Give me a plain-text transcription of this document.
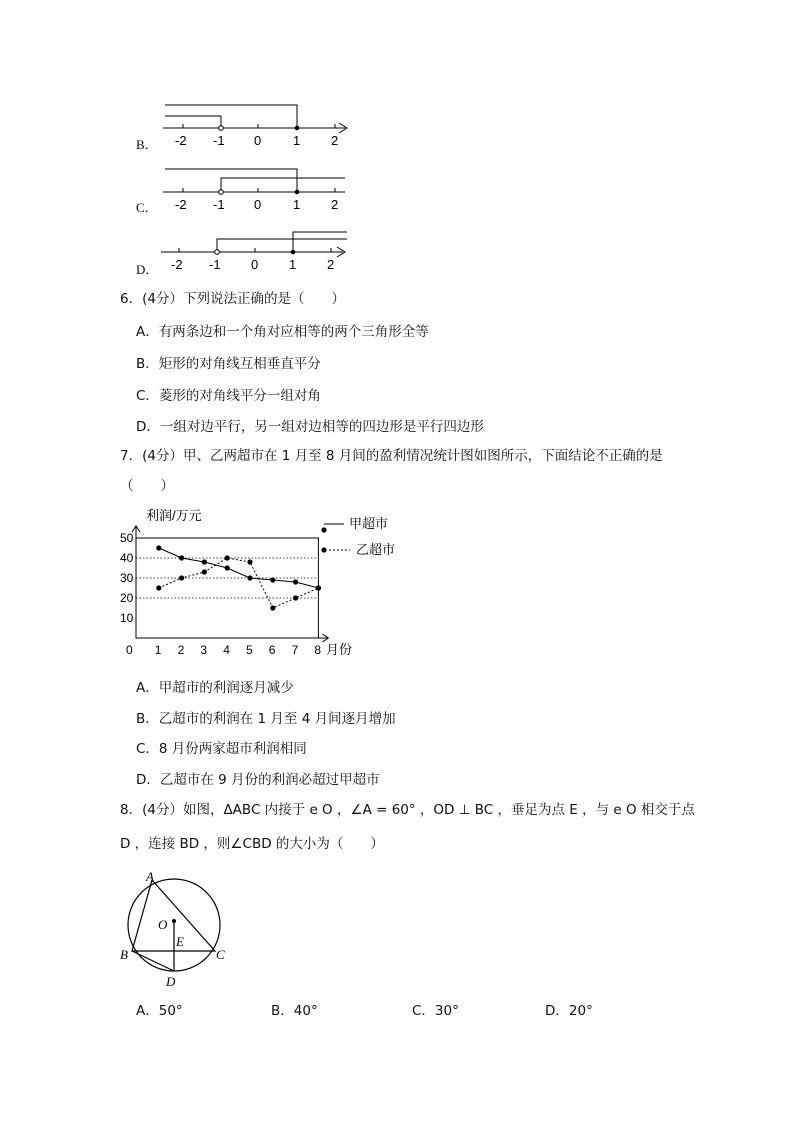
B． -2 -1 0 1 2
C． -2 -1 0 1 2
D． -2 -1 0 1 2
6．(4分）下列说法正确的是（　　）
A．有两条边和一个角对应相等的两个三角形全等
B．矩形的对角线互相垂直平分
C．菱形的对角线平分一组对角
D．一组对边平行，另一组对边相等的四边形是平行四边形
7．(4分）甲、乙两超市在 1 月至 8 月间的盈利情况统计图如图所示，下面结论不正确的是
（　　）
利润/万元
月份
10
20
30
40
50
0 1 2 3 4 5 6 7 8
甲超市
乙超市
A．甲超市的利润逐月减少
B．乙超市的利润在 1 月至 4 月间逐月增加
C．8 月份两家超市利润相同
D．乙超市在 9 月份的利润必超过甲超市
8．(4分）如图，ΔABC 内接于 e O ，∠A = 60° ，OD ⊥ BC ，垂足为点 E ，与 e O 相交于点
D ，连接 BD ，则∠CBD 的大小为（　　）
A
B	C
D
O
E
A．50°	B．40°	C．30°	D．20°
